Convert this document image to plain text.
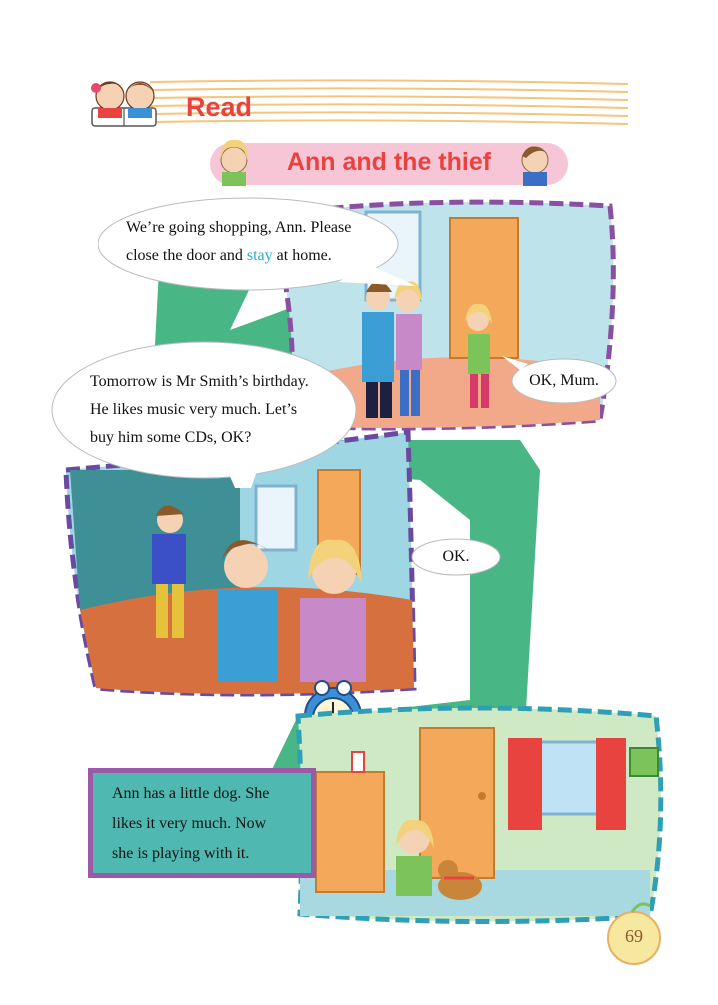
Read
Ann and the thief
We’re going shopping, Ann. Please
close the door and stay at home.
OK, Mum.
Tomorrow is Mr Smith’s birthday.
He likes music very much. Let’s
buy him some CDs, OK?
OK.
Ann has a little dog. She
likes it very much. Now
she is playing with it.
69
